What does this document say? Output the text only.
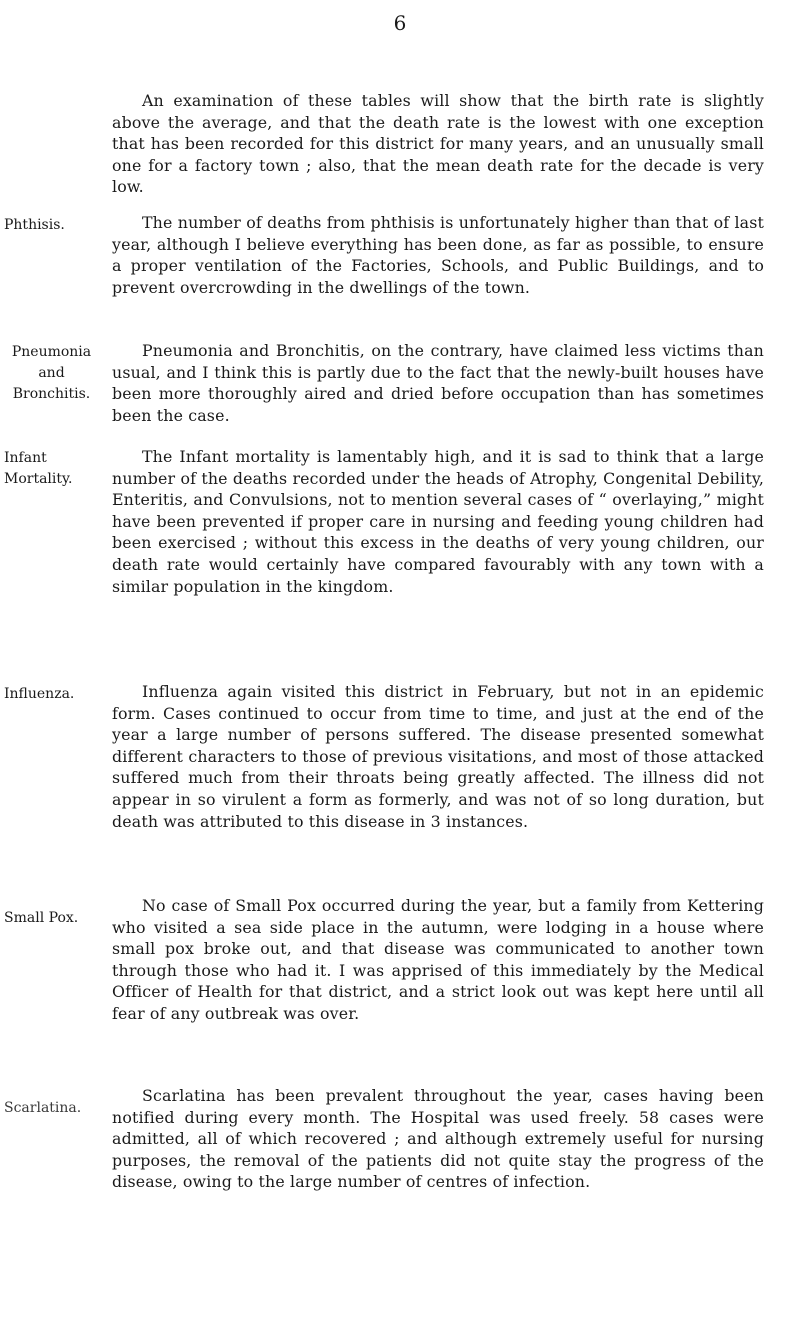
6

An examination of these tables will show that the birth rate is slightly above the average, and that the death rate is the lowest with one exception that has been recorded for this district for many years, and an unusually small one for a factory town ; also, that the mean death rate for the decade is very low.

Phthisis.	The number of deaths from phthisis is unfortunately higher than that of last year, although I believe everything has been done, as far as possible, to ensure a proper ventilation of the Factories, Schools, and Public Buildings, and to prevent overcrowding in the dwellings of the town.

Pneumonia
and
Bronchitis.

Pneumonia and Bronchitis, on the contrary, have claimed less victims than usual, and I think this is partly due to the fact that the newly-built houses have been more thoroughly aired and dried before occupation than has sometimes been the case.

Infant
Mortality.

The Infant mortality is lamentably high, and it is sad to think that a large number of the deaths recorded under the heads of Atrophy, Congenital Debility, Enteritis, and Convulsions, not to mention several cases of “ overlaying,” might have been prevented if proper care in nursing and feeding young children had been exercised ; without this excess in the deaths of very young children, our death rate would certainly have compared favourably with any town with a similar population in the kingdom.

Influenza.	Influenza again visited this district in February, but not in an epidemic form. Cases continued to occur from time to time, and just at the end of the year a large number of persons suffered. The disease presented somewhat different characters to those of previous visitations, and most of those attacked suffered much from their throats being greatly affected. The illness did not appear in so virulent a form as formerly, and was not of so long duration, but death was attributed to this disease in 3 instances.

Small Pox.

No case of Small Pox occurred during the year, but a family from Kettering who visited a sea side place in the autumn, were lodging in a house where small pox broke out, and that disease was communicated to another town through those who had it. I was apprised of this immediately by the Medical Officer of Health for that district, and a strict look out was kept here until all fear of any outbreak was over.

Scarlatina.

Scarlatina has been prevalent throughout the year, cases having been notified during every month. The Hospital was used freely. 58 cases were admitted, all of which recovered ; and although extremely useful for nursing purposes, the removal of the patients did not quite stay the progress of the disease, owing to the large number of centres of infection.
